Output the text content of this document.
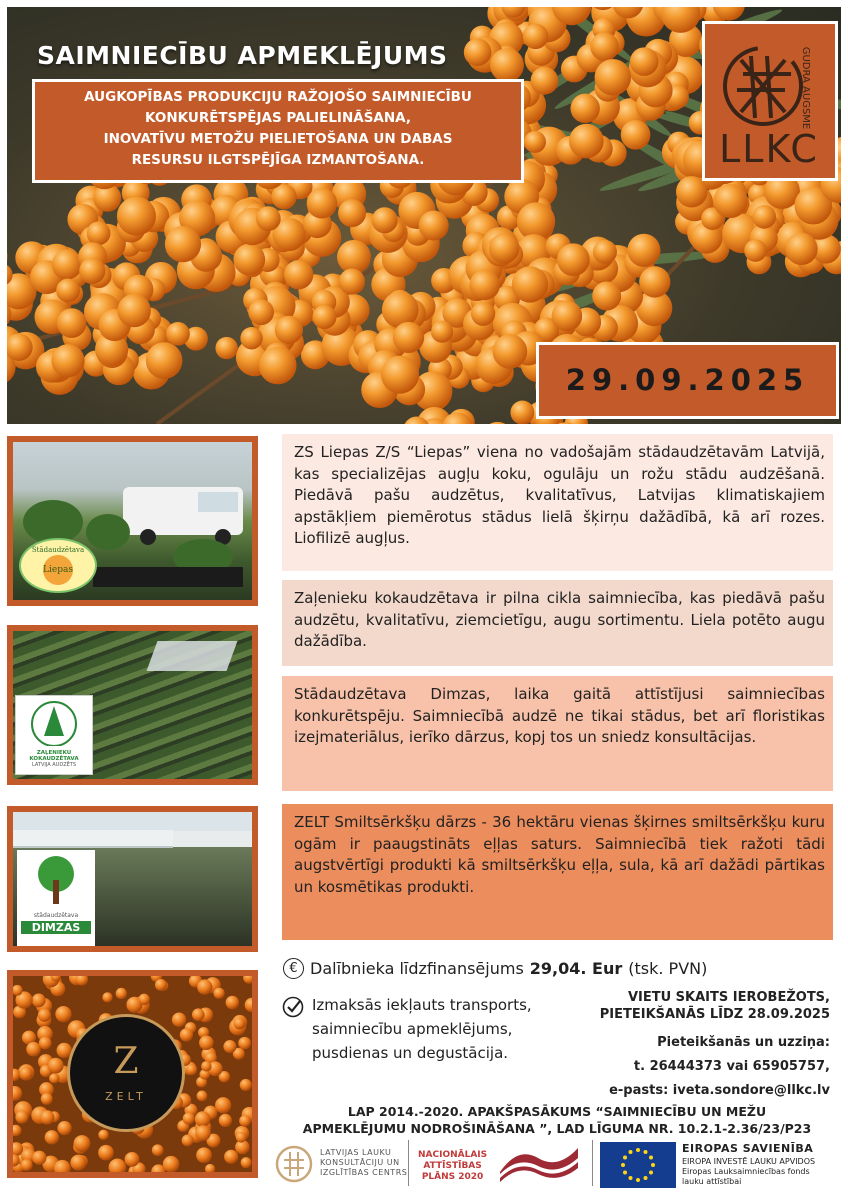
SAIMNIECĪBU APMEKLĒJUMS
AUGKOPĪBAS PRODUKCIJU RAŽOJOŠO SAIMNIECĪBU
KONKURĒTSPĒJAS PALIELINĀŠANA,
INOVATĪVU METOŽU PIELIETOŠANA UN DABAS
RESURSU ILGTSPĒJĪGA IZMANTOŠANA.
GUDRA AUGSME
LLKC
29.09.2025
Stādaudzētava
Liepas
ZAĻENIEKU KOKAUDZĒTAVA
LATVIJA AUDZĒTS
stādaudzētava
DIMZAS
Z
ZELT
ZS Liepas Z/S “Liepas” viena no vadošajām stādaudzētavām Latvijā, kas specializējas augļu koku, ogulāju un rožu stādu audzēšanā. Piedāvā pašu audzētus, kvalitatīvus, Latvijas klimatiskajiem apstākļiem piemērotus stādus lielā šķirņu dažādībā, kā arī rozes. Liofilizē augļus.
Zaļenieku kokaudzētava ir pilna cikla saimniecība, kas piedāvā pašu audzētu, kvalitatīvu, ziemcietīgu, augu sortimentu. Liela potēto augu dažādība.
Stādaudzētava Dimzas, laika gaitā attīstījusi saimniecības konkurētspēju. Saimniecībā audzē ne tikai stādus, bet arī floristikas izejmateriālus, ierīko dārzus, kopj tos un sniedz konsultācijas.
ZELT Smiltsērkšķu dārzs - 36 hektāru vienas šķirnes smiltsērkšķu kuru ogām ir paaugstināts eļļas saturs. Saimniecībā tiek ražoti tādi augstvērtīgi produkti kā smiltsērkšķu eļļa, sula, kā arī dažādi pārtikas un kosmētikas produkti.
€ Dalībnieka līdzfinansējums 29,04. Eur (tsk. PVN)
Izmaksās iekļauts transports,
saimniecību apmeklējums,
pusdienas un degustācija.
VIETU SKAITS IEROBEŽOTS,
PIETEIKŠANĀS LĪDZ 28.09.2025
Pieteikšanās un uzziņa:
t. 26444373 vai 65905757,
e-pasts: iveta.sondore@llkc.lv
LAP 2014.-2020. APAKŠPASĀKUMS “SAIMNIECĪBU UN MEŽU
APMEKLĒJUMU NODROŠINĀŠANA ”, LAD LĪGUMA NR. 10.2.1-2.36/23/P23
LATVIJAS LAUKU
KONSULTĀCIJU UN
IZGLĪTĪBAS CENTRS
NACIONĀLAIS
ATTĪSTĪBAS
PLĀNS 2020
EIROPAS SAVIENĪBA
EIROPA INVESTĒ LAUKU APVIDOS
Eiropas Lauksaimniecības fonds
lauku attīstībai
